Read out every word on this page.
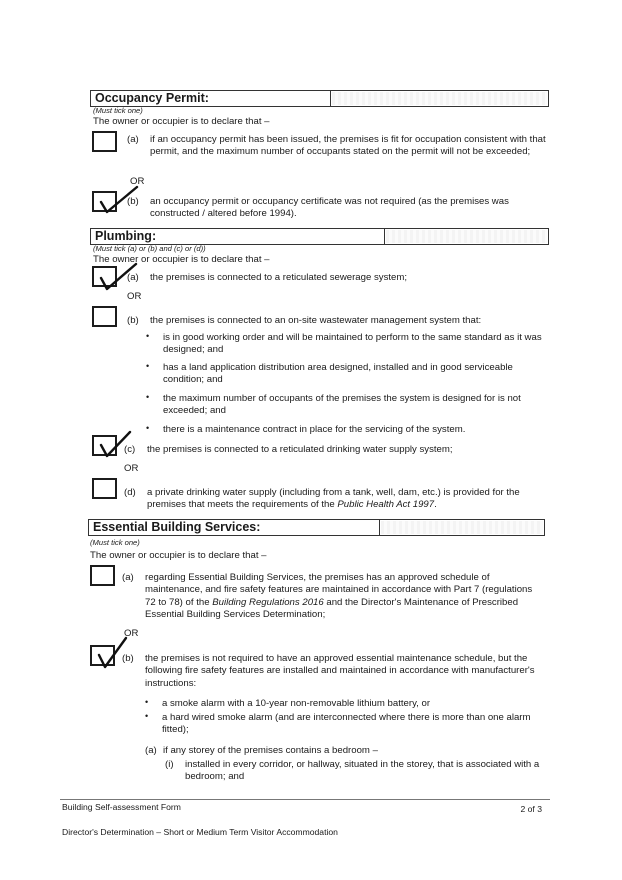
Occupancy Permit:
(Must tick one)
The owner or occupier is to declare that –
(a) if an occupancy permit has been issued, the premises is fit for occupation consistent with that permit, and the maximum number of occupants stated on the permit will not be exceeded;
OR
(b) an occupancy permit or occupancy certificate was not required (as the premises was constructed / altered before 1994).
Plumbing:
(Must tick (a) or (b) and (c) or (d))
The owner or occupier is to declare that –
(a) the premises is connected to a reticulated sewerage system;
OR
(b) the premises is connected to an on-site wastewater management system that:
• is in good working order and will be maintained to perform to the same standard as it was designed; and
• has a land application distribution area designed, installed and in good serviceable condition; and
• the maximum number of occupants of the premises the system is designed for is not exceeded; and
• there is a maintenance contract in place for the servicing of the system.
(c) the premises is connected to a reticulated drinking water supply system;
OR
(d) a private drinking water supply (including from a tank, well, dam, etc.) is provided for the premises that meets the requirements of the Public Health Act 1997.
Essential Building Services:
(Must tick one)
The owner or occupier is to declare that –
(a) regarding Essential Building Services, the premises has an approved schedule of maintenance, and fire safety features are maintained in accordance with Part 7 (regulations 72 to 78) of the Building Regulations 2016 and the Director's Maintenance of Prescribed Essential Building Services Determination;
OR
(b) the premises is not required to have an approved essential maintenance schedule, but the following fire safety features are installed and maintained in accordance with manufacturer's instructions:
• a smoke alarm with a 10-year non-removable lithium battery, or
• a hard wired smoke alarm (and are interconnected where there is more than one alarm fitted);
(a) if any storey of the premises contains a bedroom –
(i) installed in every corridor, or hallway, situated in the storey, that is associated with a bedroom; and
Building Self-assessment Form	2 of 3
Director's Determination – Short or Medium Term Visitor Accommodation
